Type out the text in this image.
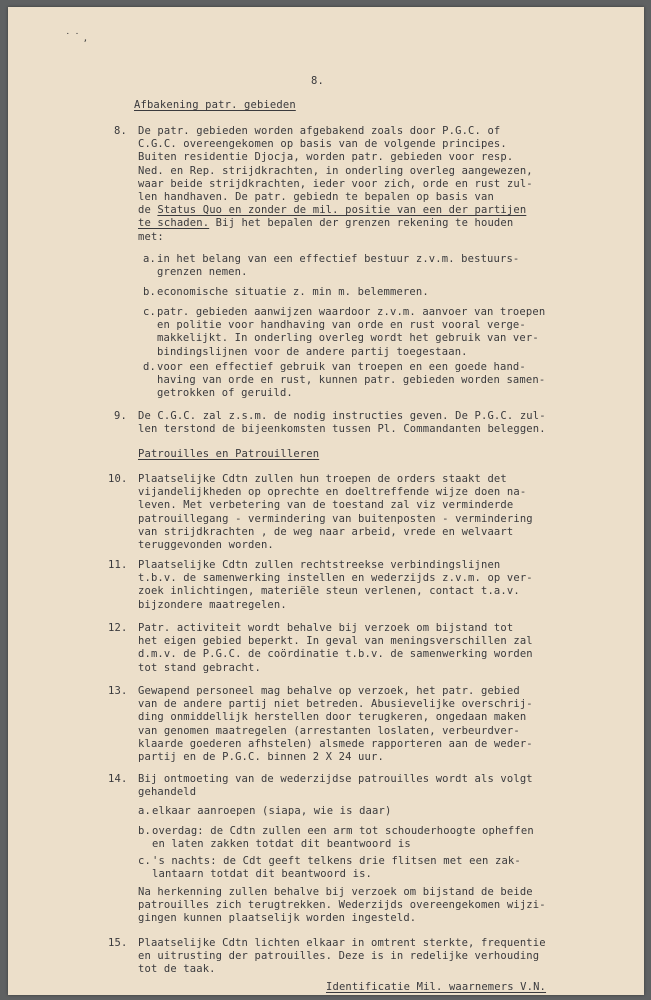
˙ ˙ ,
8.
Afbakening patr. gebieden
8. De patr. gebieden worden afgebakend zoals door P.G.C. of
C.G.C. overeengekomen op basis van de volgende principes.
Buiten residentie Djocja, worden patr. gebieden voor resp.
Ned. en Rep. strijdkrachten, in onderling overleg aangewezen,
waar beide strijdkrachten, ieder voor zich, orde en rust zul-
len handhaven. De patr. gebiedn te bepalen op basis van
de Status Quo en zonder de mil. positie van een der partijen
te schaden. Bij het bepalen der grenzen rekening te houden
met:
a. in het belang van een effectief bestuur z.v.m. bestuurs-
grenzen nemen.
b. economische situatie z. min m. belemmeren.
c. patr. gebieden aanwijzen waardoor z.v.m. aanvoer van troepen
en politie voor handhaving van orde en rust vooral verge-
makkelijkt. In onderling overleg wordt het gebruik van ver-
bindingslijnen voor de andere partij toegestaan.
d. voor een effectief gebruik van troepen en een goede hand-
having van orde en rust, kunnen patr. gebieden worden samen-
getrokken of geruild.
9. De C.G.C. zal z.s.m. de nodig instructies geven. De P.G.C. zul-
len terstond de bijeenkomsten tussen Pl. Commandanten beleggen.
Patrouilles en Patrouilleren
10. Plaatselijke Cdtn zullen hun troepen de orders staakt det
vijandelijkheden op oprechte en doeltreffende wijze doen na-
leven. Met verbetering van de toestand zal viz verminderde
patrouillegang - vermindering van buitenposten - vermindering
van strijdkrachten , de weg naar arbeid, vrede en welvaart
teruggevonden worden.
11. Plaatselijke Cdtn zullen rechtstreekse verbindingslijnen
t.b.v. de samenwerking instellen en wederzijds z.v.m. op ver-
zoek inlichtingen, materiële steun verlenen, contact t.a.v.
bijzondere maatregelen.
12. Patr. activiteit wordt behalve bij verzoek om bijstand tot
het eigen gebied beperkt. In geval van meningsverschillen zal
d.m.v. de P.G.C. de coördinatie t.b.v. de samenwerking worden
tot stand gebracht.
13. Gewapend personeel mag behalve op verzoek, het patr. gebied
van de andere partij niet betreden. Abusievelijke overschrij-
ding onmiddellijk herstellen door terugkeren, ongedaan maken
van genomen maatregelen (arrestanten loslaten, verbeurdver-
klaarde goederen afhstelen) alsmede rapporteren aan de weder-
partij en de P.G.C. binnen 2 X 24 uur.
14. Bij ontmoeting van de wederzijdse patrouilles wordt als volgt
gehandeld
a. elkaar aanroepen (siapa, wie is daar)
b. overdag: de Cdtn zullen een arm tot schouderhoogte opheffen
en laten zakken totdat dit beantwoord is
c. 's nachts: de Cdt geeft telkens drie flitsen met een zak-
lantaarn totdat dit beantwoord is.
Na herkenning zullen behalve bij verzoek om bijstand de beide
patrouilles zich terugtrekken. Wederzijds overeengekomen wijzi-
gingen kunnen plaatselijk worden ingesteld.
15. Plaatselijke Cdtn lichten elkaar in omtrent sterkte, frequentie
en uitrusting der patrouilles. Deze is in redelijke verhouding
tot de taak.
Identificatie Mil. waarnemers V.N.
